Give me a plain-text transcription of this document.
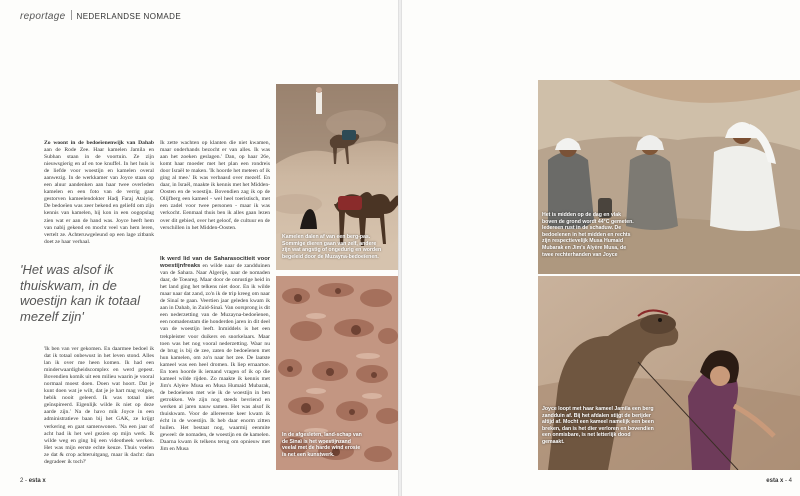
reportage NEDERLANDSE NOMADE

Zo woont in de bedoeïenenwijk van Dahab aan de Rode Zee. Haar kamelen Jamila en Subhan staan in de voortuin. Ze zijn nieuwsgierig en af en toe knuffel. In het huis is de liefde voor woestijn en kamelen overal aanwezig. In de werkkamer van Joyce staan op een aluur aandenken aan haar twee overleden kamelen en een foto van de verrig gaar gestorven kameelendokter Hadj Faraj Ataiyiq. De bedoeïen was zeer bekend en geliefd om zijn kennis van kamelen, hij kon in een oogopslag zien wat er aan de hand was. Joyce heeft hem van nabij gekend en mocht veel van hem leren, vertelt ze. Achteruwgeleund op een lage zitbank doet ze haar verhaal.

'Het was alsof ik thuiskwam, in de woestijn kan ik totaal mezelf zijn'

'Ik ben van ver gekomen. En daarmee bedoel ik dat ik totaal onbewust in het leven stond. Alles lan ik over me heen komen. Ik had een minderwaardigheidscomplex en werd gepest. Bovendien komik uit een milieu waarin je vooral normaal moest doen. Doen wat hoort. Dat je kunt doen wat je wilt, dat je je hart mag volgen, hebik nooit geleerd. Ik was totaal niet geïnspireerd. Eigenlijk wilde ik niet op deze aarde zijn.' Na de havo mik Joyce in een administratieve baan bij het GAK, ze krijgt verkering en gaat samenwonen. 'Na een jaar of acht had ik het wel gezien op mijn werk. Ik wilde weg en ging bij een videotheek werken. Het was mijn eerste echte keuze. Thuis voelen ze dat & crop achteruitgang, maar ik dacht: dan degradeer ik toch?'

Ik zette wachten op klanten die niet kwamen, maar onderhands bezocht er van alles. Ik was aan het zoeken geslagen.' Dan, op haar 26e, komt haar moeder met het plan een rondreis door Israël te maken. 'Ik hoorde het meteen of ik ging al mee.' Ik was verbaasd over mezelf. En daar, in Israël, maakte ik kennis met het Midden-Oosten en de woestijn. Bovendien zag ik op de Olijfberg een kameel - wel heel toeristisch, met een zadel voor twee personen - maar ik was verkocht. Eenmaal thuis ben ik alles gaan lezen over dit gebied, over het geloof, de cultuur en de verschillen in het Midden-Oosten.

Ik werd lid van de Saharasocitieit voor woestijnfreaks en wilde naar de zandduinen van de Sahara. Naar Algerije, naar de nomaden daar, de Toeareg. Maar door de onrustige heid in het land ging het telkens niet door. En ik wilde maar naar dat zand, zo'n ik de trip kreeg om naar de Sinaï te gaan. Veertien jaar geleden kwam ik aan in Dahab, in Zuid-Sinaï. Van oorsprong is dit een nederzetting van de Muzayna-bedoeïenen, een nomadenstam die honderden jaren in dit deel van de woestijn leeft. Inmiddels is het een trekpleister voor duikers en snorkelaars. Maar toen was het nog vooral nederzetting. Waar nu de brug is bij de zee, zaten de bedoeïenen met hun kamelen, om zo'n naar het zee. De laatste kameel was een heel dromen. Ik liep ernaartoe. En toen hoorde ik iemand vragen of ik op die kameel wilde rijden. Zo maakte ik kennis met Jim's Alyère Musa en Musa Humaid Mubarak, de bedoeïenen met wie ik de woestijn in ben getrokken. We zijn nog steeds bevriend en werken al jaren nauw samen. Het was alsof ik thuiskwam. Voor de allereerste keer kwam ik écht in de woestijn. Ik heb daar enorm zitten huilen. Het bestaat nog, waarmij eenmite geweel: de nomaden, de woestijn en de kamelen. Daarna kwam ik telkens terug om opnieuw met Jim en Musa

Kamelen dalen af van een berg-pas. Sommige dieren gaan van zelf, andere zijn wat angstig of ongedurig en worden begeleid door de Muzayna-bedoeïenen.
In de afgesleten, land-schap van de Sinaï is het woestijnzand veelal met de harde wind erosie is net een kunstwerk.
2 - esta x
Het is midden op de dag en vlak boven de grond wordt 44°C gemeten. Iedereen rust in de schaduw. De bedoeïenen in het midden en rechts zijn respectievelijk Musa Humaid Mubarak en Jim's Alyère Musa, de twee rechterhanden van Joyce
Joyce loopt met haar kameel Jamila een berg zandduin af. Bij het afdalen stijgt de berijder altijd af. Mocht een kameel namelijk een been breken, dan is het dier verloren en bovendien een onmisbare, is net letterlijk dood gemaakt.
esta x - 4
